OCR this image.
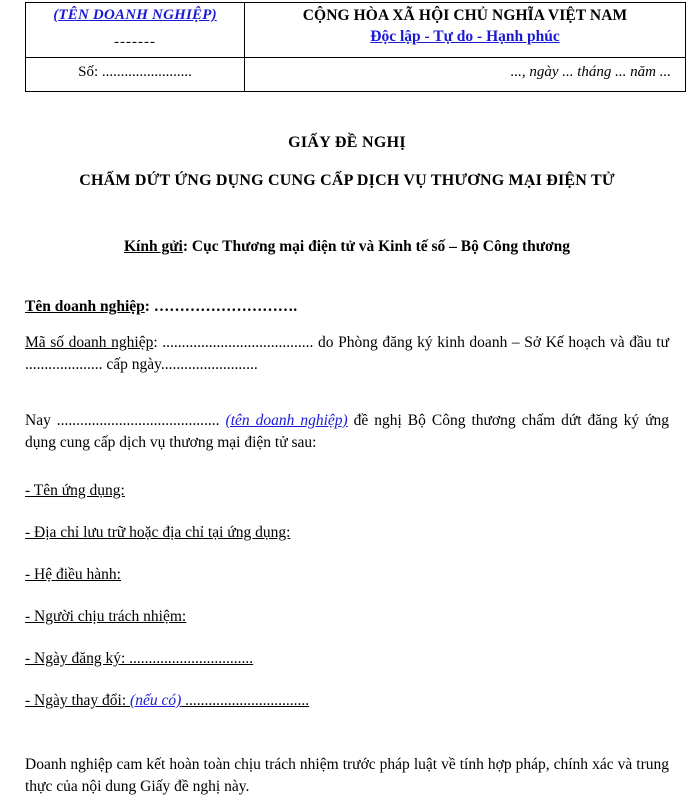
(TÊN DOANH NGHIỆP)
-------	CỘNG HÒA XÃ HỘI CHỦ NGHĨA VIỆT NAM
Độc lập - Tự do - Hạnh phúc

Số: ........................	..., ngày ... tháng ... năm ...
GIẤY ĐỀ NGHỊ
CHẤM DỨT ỨNG DỤNG CUNG CẤP DỊCH VỤ THƯƠNG MẠI ĐIỆN TỬ
Kính gửi: Cục Thương mại điện tử và Kinh tế số – Bộ Công thương
Tên doanh nghiệp: ……………………….
Mã số doanh nghiệp: ....................................... do Phòng đăng ký kinh doanh – Sở Kế hoạch và đầu tư .................... cấp ngày.........................
Nay .......................................... (tên doanh nghiệp) đề nghị Bộ Công thương chấm dứt đăng ký ứng dụng cung cấp dịch vụ thương mại điện tử sau:
- Tên ứng dụng:
- Địa chỉ lưu trữ hoặc địa chỉ tại ứng dụng:
- Hệ điều hành:
- Người chịu trách nhiệm:
- Ngày đăng ký: ................................
- Ngày thay đổi: (nếu có) ................................
Doanh nghiệp cam kết hoàn toàn chịu trách nhiệm trước pháp luật về tính hợp pháp, chính xác và trung thực của nội dung Giấy đề nghị này.
